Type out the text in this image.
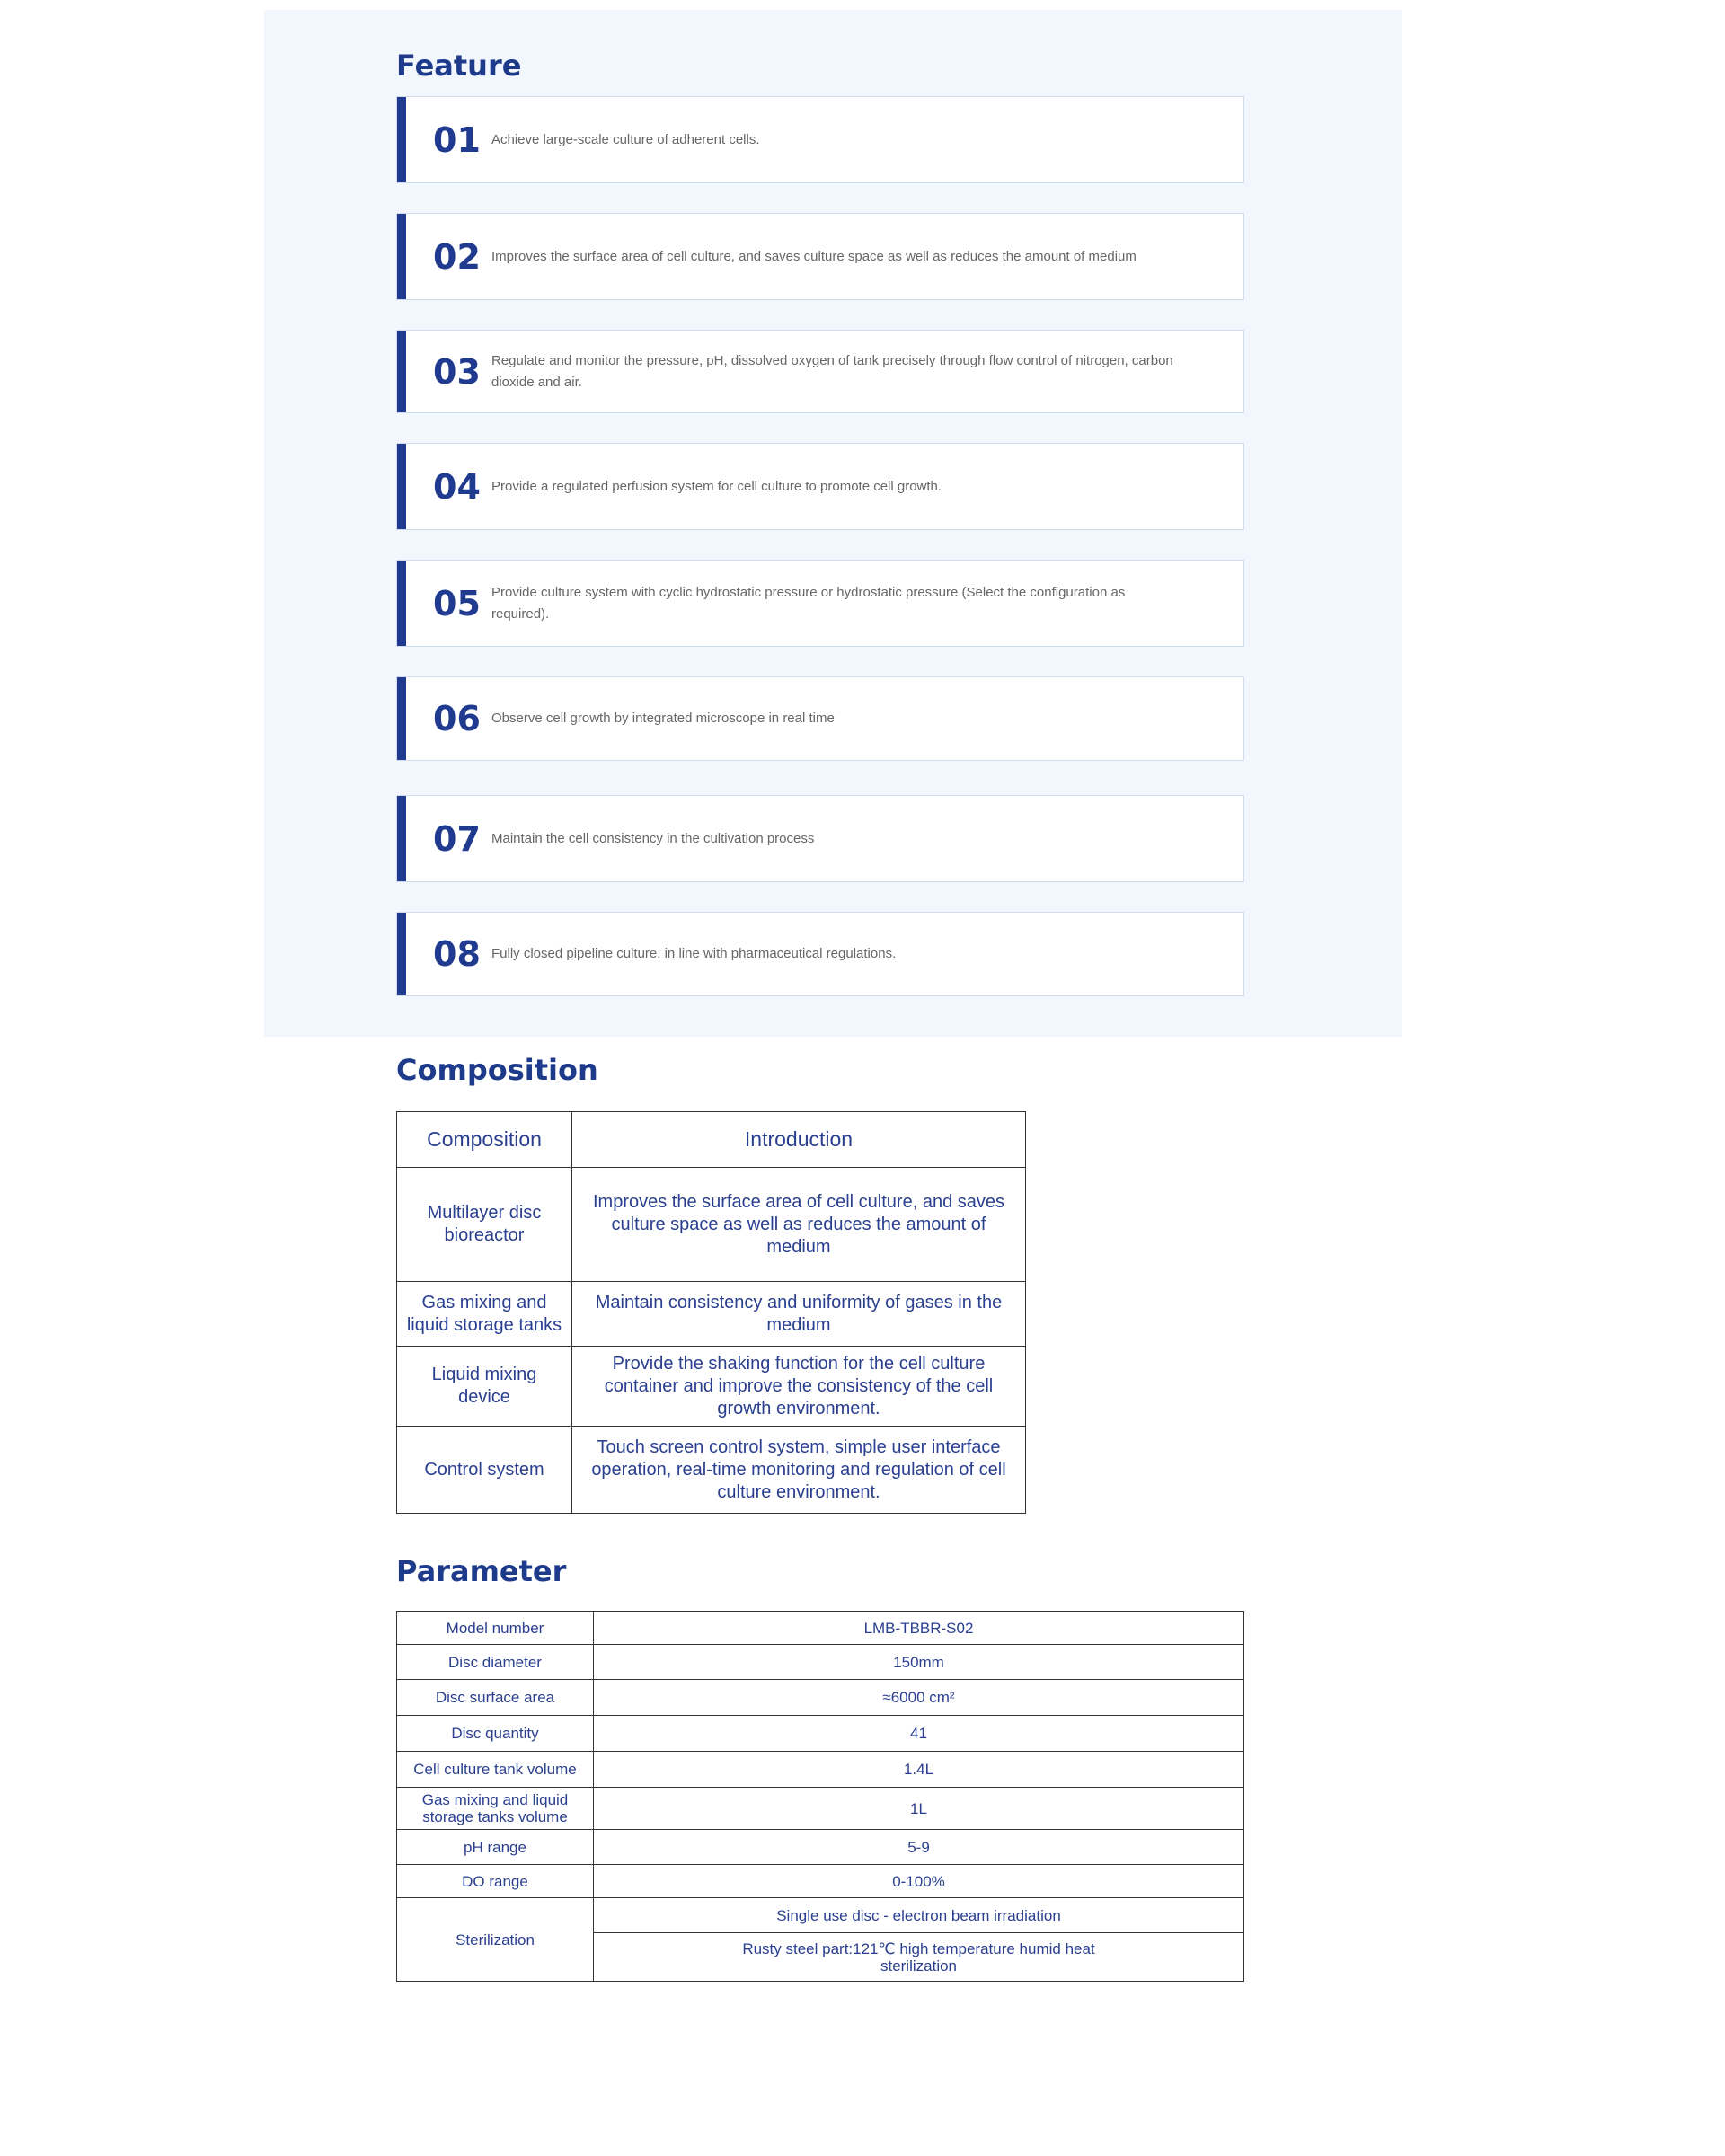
Feature
01 Achieve large-scale culture of adherent cells.
02 Improves the surface area of cell culture, and saves culture space as well as reduces the amount of medium
03 Regulate and monitor the pressure, pH, dissolved oxygen of tank precisely through flow control of nitrogen, carbon dioxide and air.
04 Provide a regulated perfusion system for cell culture to promote cell growth.
05 Provide culture system with cyclic hydrostatic pressure or hydrostatic pressure (Select the configuration as required).
06 Observe cell growth by integrated microscope in real time
07 Maintain the cell consistency in the cultivation process
08 Fully closed pipeline culture, in line with pharmaceutical regulations.
Composition
Composition	Introduction
Multilayer disc bioreactor	Improves the surface area of cell culture, and saves culture space as well as reduces the amount of medium
Gas mixing and liquid storage tanks	Maintain consistency and uniformity of gases in the medium
Liquid mixing device	Provide the shaking function for the cell culture container and improve the consistency of the cell growth environment.
Control system	Touch screen control system, simple user interface operation, real-time monitoring and regulation of cell culture environment.
Parameter
Model number	LMB-TBBR-S02
Disc diameter	150mm
Disc surface area	≈6000 cm²
Disc quantity	41
Cell culture tank volume	1.4L
Gas mixing and liquid storage tanks volume	1L
pH range	5-9
DO range	0-100%
Sterilization	Single use disc - electron beam irradiation
	Rusty steel part:121℃ high temperature humid heat sterilization
